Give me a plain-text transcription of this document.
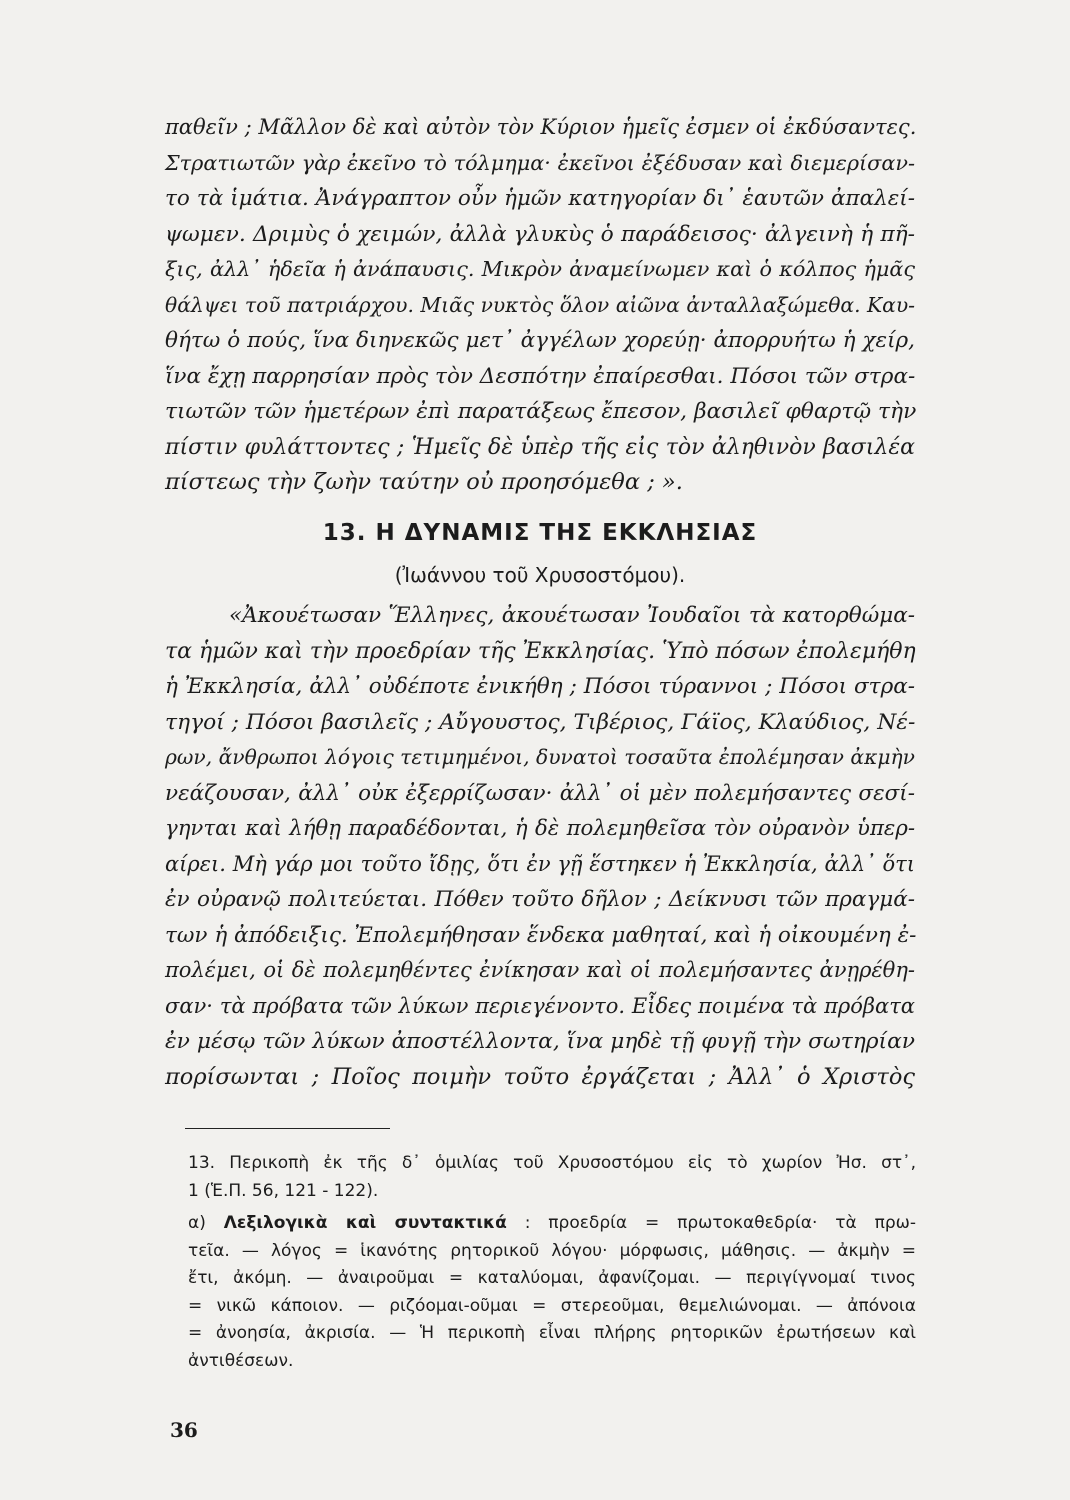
παθεῖν ; Μᾶλλον δὲ καὶ αὐτὸν τὸν Κύριον ἡμεῖς ἐσμεν οἱ ἐκδύσαντες.
Στρατιωτῶν γὰρ ἐκεῖνο τὸ τόλμημα· ἐκεῖνοι ἐξέδυσαν καὶ διεμερίσαν-
το τὰ ἱμάτια. Ἀνάγραπτον οὖν ἡμῶν κατηγορίαν δι᾽ ἑαυτῶν ἀπαλεί-
ψωμεν. Δριμὺς ὁ χειμών, ἀλλὰ γλυκὺς ὁ παράδεισος· ἀλγεινὴ ἡ πῆ-
ξις, ἀλλ᾽ ἡδεῖα ἡ ἀνάπαυσις. Μικρὸν ἀναμείνωμεν καὶ ὁ κόλπος ἡμᾶς
θάλψει τοῦ πατριάρχου. Μιᾶς νυκτὸς ὅλον αἰῶνα ἀνταλλαξώμεθα. Καυ-
θήτω ὁ πούς, ἵνα διηνεκῶς μετ᾽ ἀγγέλων χορεύῃ· ἀπορρυήτω ἡ χείρ,
ἵνα ἔχῃ παρρησίαν πρὸς τὸν Δεσπότην ἐπαίρεσθαι. Πόσοι τῶν στρα-
τιωτῶν τῶν ἡμετέρων ἐπὶ παρατάξεως ἔπεσον, βασιλεῖ φθαρτῷ τὴν
πίστιν φυλάττοντες ; Ἡμεῖς δὲ ὑπὲρ τῆς εἰς τὸν ἀληθινὸν βασιλέα
πίστεως τὴν ζωὴν ταύτην οὐ προησόμεθα ; ».
13. Η ΔΥΝΑΜΙΣ ΤΗΣ ΕΚΚΛΗΣΙΑΣ
(Ἰωάννου τοῦ Χρυσοστόμου).
«Ἀκουέτωσαν Ἕλληνες, ἀκουέτωσαν Ἰουδαῖοι τὰ κατορθώμα-
τα ἡμῶν καὶ τὴν προεδρίαν τῆς Ἐκκλησίας. Ὑπὸ πόσων ἐπολεμήθη
ἡ Ἐκκλησία, ἀλλ᾽ οὐδέποτε ἐνικήθη ; Πόσοι τύραννοι ; Πόσοι στρα-
τηγοί ; Πόσοι βασιλεῖς ; Αὔγουστος, Τιβέριος, Γάϊος, Κλαύδιος, Νέ-
ρων, ἄνθρωποι λόγοις τετιμημένοι, δυνατοὶ τοσαῦτα ἐπολέμησαν ἀκμὴν
νεάζουσαν, ἀλλ᾽ οὐκ ἐξερρίζωσαν· ἀλλ᾽ οἱ μὲν πολεμήσαντες σεσί-
γηνται καὶ λήθῃ παραδέδονται, ἡ δὲ πολεμηθεῖσα τὸν οὐρανὸν ὑπερ-
αίρει. Μὴ γάρ μοι τοῦτο ἴδῃς, ὅτι ἐν γῇ ἕστηκεν ἡ Ἐκκλησία, ἀλλ᾽ ὅτι
ἐν οὐρανῷ πολιτεύεται. Πόθεν τοῦτο δῆλον ; Δείκνυσι τῶν πραγμά-
των ἡ ἀπόδειξις. Ἐπολεμήθησαν ἕνδεκα μαθηταί, καὶ ἡ οἰκουμένη ἐ-
πολέμει, οἱ δὲ πολεμηθέντες ἐνίκησαν καὶ οἱ πολεμήσαντες ἀνῃρέθη-
σαν· τὰ πρόβατα τῶν λύκων περιεγένοντο. Εἶδες ποιμένα τὰ πρόβατα
ἐν μέσῳ τῶν λύκων ἀποστέλλοντα, ἵνα μηδὲ τῇ φυγῇ τὴν σωτηρίαν
πορίσωνται ; Ποῖος ποιμὴν τοῦτο ἐργάζεται ; Ἀλλ᾽ ὁ Χριστὸς
13. Περικοπὴ ἐκ τῆς δ᾽ ὁμιλίας τοῦ Χρυσοστόμου εἰς τὸ χωρίον Ἠσ. στ᾽,
1 (Ἑ.Π. 56, 121 - 122).
α) Λεξιλογικὰ καὶ συντακτικά : προεδρία = πρωτοκαθεδρία· τὰ πρω-
τεῖα. — λόγος = ἱκανότης ρητορικοῦ λόγου· μόρφωσις, μάθησις. — ἀκμὴν =
ἔτι, ἀκόμη. — ἀναιροῦμαι = καταλύομαι, ἀφανίζομαι. — περιγίγνομαί τινος
= νικῶ κάποιον. — ριζόομαι-οῦμαι = στερεοῦμαι, θεμελιώνομαι. — ἀπόνοια
= ἀνοησία, ἀκρισία. — Ἡ περικοπὴ εἶναι πλήρης ρητορικῶν ἐρωτήσεων καὶ
ἀντιθέσεων.
36
